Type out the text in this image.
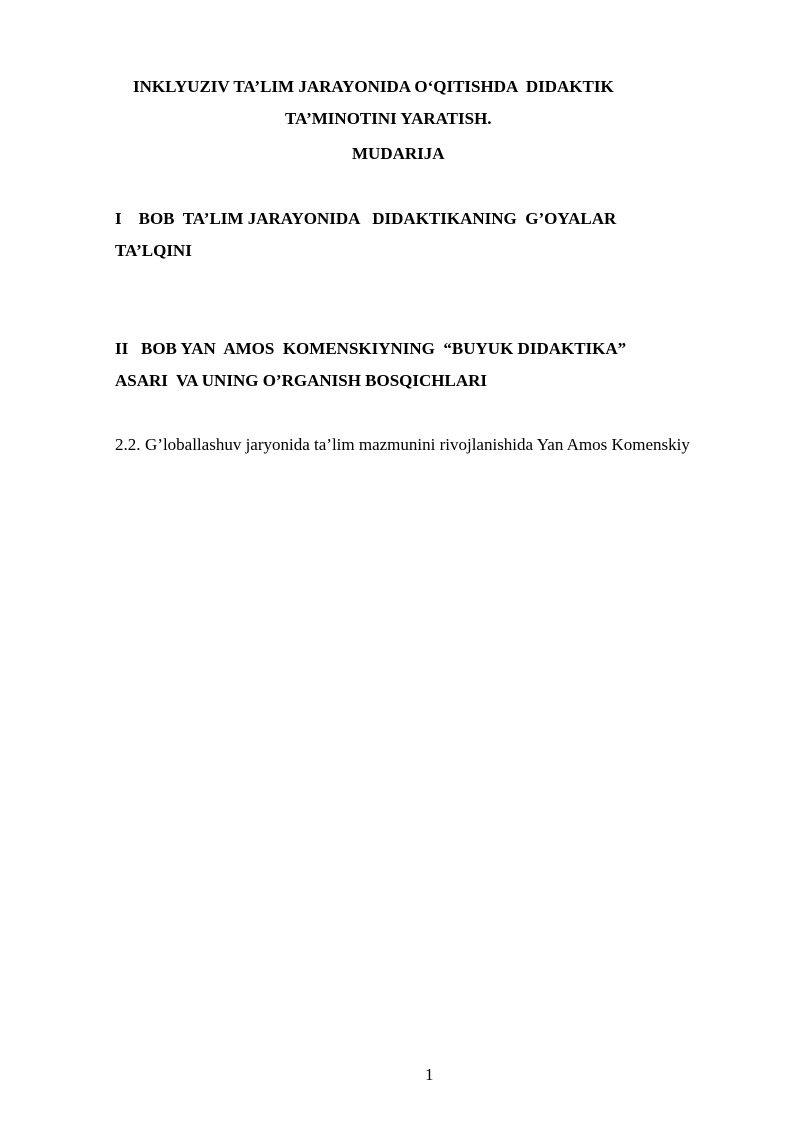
INKLYUZIV TA’LIM JARAYONIDA O‘QITISHDA  DIDAKTIK
TA’MINOTINI YARATISH.
MUDARIJA

I    BOB  TA’LIM JARAYONIDA   DIDAKTIKANING  G’OYALAR
TA’LQINI

II   BOB YAN  AMOS  KOMENSKIYNING  “BUYUK DIDAKTIKA”
ASARI  VA UNING O’RGANISH BOSQICHLARI

2.2. G’loballashuv jaryonida ta’lim mazmunini rivojlanishida Yan Amos Komenskiy

1
